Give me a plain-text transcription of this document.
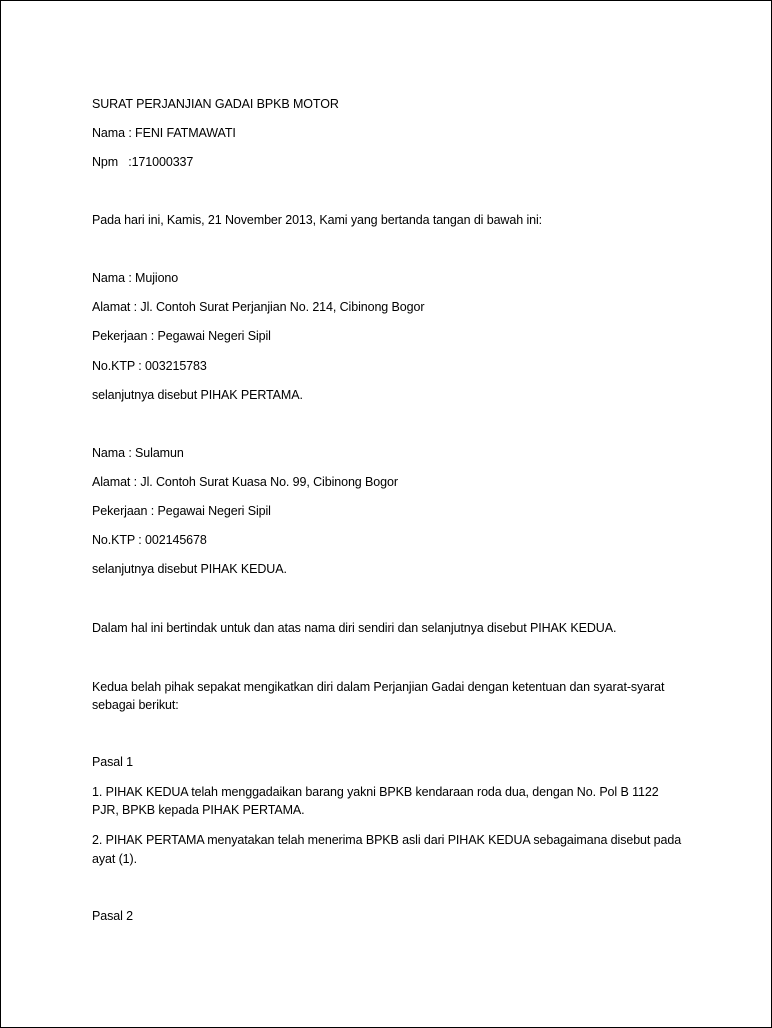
SURAT PERJANJIAN GADAI BPKB MOTOR

Nama : FENI FATMAWATI

Npm   :171000337

Pada hari ini, Kamis, 21 November 2013, Kami yang bertanda tangan di bawah ini:

Nama : Mujiono

Alamat : Jl. Contoh Surat Perjanjian No. 214, Cibinong Bogor

Pekerjaan : Pegawai Negeri Sipil

No.KTP : 003215783

selanjutnya disebut PIHAK PERTAMA.

Nama : Sulamun

Alamat : Jl. Contoh Surat Kuasa No. 99, Cibinong Bogor

Pekerjaan : Pegawai Negeri Sipil

No.KTP : 002145678

selanjutnya disebut PIHAK KEDUA.

Dalam hal ini bertindak untuk dan atas nama diri sendiri dan selanjutnya disebut PIHAK KEDUA.

Kedua belah pihak sepakat mengikatkan diri dalam Perjanjian Gadai dengan ketentuan dan syarat-syarat

sebagai berikut:

Pasal 1

1. PIHAK KEDUA telah menggadaikan barang yakni BPKB kendaraan roda dua, dengan No. Pol B 1122

PJR, BPKB kepada PIHAK PERTAMA.

2. PIHAK PERTAMA menyatakan telah menerima BPKB asli dari PIHAK KEDUA sebagaimana disebut pada

ayat (1).

Pasal 2
